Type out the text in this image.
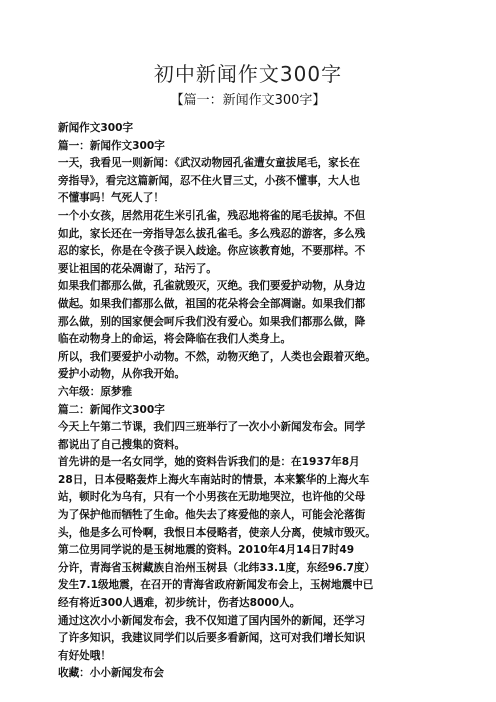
初中新闻作文300字
【篇一：新闻作文300字】
新闻作文300字
篇一：新闻作文300字
一天，我看见一则新闻：《武汉动物园孔雀遭女童拔尾毛，家长在
旁指导》，看完这篇新闻，忍不住火冒三丈，小孩不懂事，大人也
不懂事吗！气死人了！
一个小女孩，居然用花生米引孔雀，残忍地将雀的尾毛拔掉。不但
如此，家长还在一旁指导怎么拔孔雀毛。多么残忍的游客，多么残
忍的家长，你是在令孩子误入歧途。你应该教育她，不要那样。不
要让祖国的花朵凋谢了，玷污了。
如果我们都那么做，孔雀就毁灭，灭绝。我们要爱护动物，从身边
做起。如果我们都那么做，祖国的花朵将会全部凋谢。如果我们都
那么做，别的国家便会呵斥我们没有爱心。如果我们都那么做，降
临在动物身上的命运，将会降临在我们人类身上。
所以，我们要爱护小动物。不然，动物灭绝了，人类也会跟着灭绝。
爱护小动物，从你我开始。
六年级：原梦雅
篇二：新闻作文300字
今天上午第二节课，我们四三班举行了一次小小新闻发布会。同学
都说出了自己搜集的资料。
首先讲的是一名女同学，她的资料告诉我们的是：在1937年8月
28日，日本侵略轰炸上海火车南站时的情景，本来繁华的上海火车
站，顿时化为乌有，只有一个小男孩在无助地哭泣，也许他的父母
为了保护他而牺牲了生命。他失去了疼爱他的亲人，可能会沦落街
头，他是多么可怜啊，我恨日本侵略者，使亲人分离，使城市毁灭。
第二位男同学说的是玉树地震的资料。2010年4月14日7时49
分许，青海省玉树藏族自治州玉树县（北纬33.1度，东经96.7度）
发生7.1级地震，在召开的青海省政府新闻发布会上，玉树地震中已
经有将近300人遇难，初步统计，伤者达8000人。
通过这次小小新闻发布会，我不仅知道了国内国外的新闻，还学习
了许多知识，我建议同学们以后要多看新闻，这可对我们增长知识
有好处哦！
收藏：小小新闻发布会
